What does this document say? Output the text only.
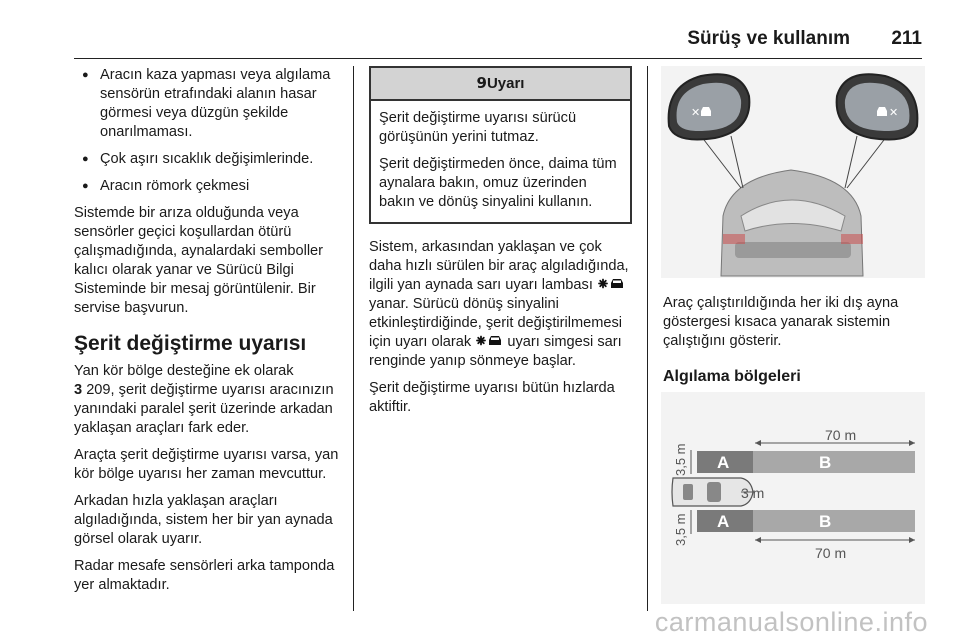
Sürüş ve kullanım 211
● Aracın kaza yapması veya algılama sensörün etrafındaki alanın hasar görmesi veya düzgün şekilde onarılmaması.
● Çok aşırı sıcaklık değişimlerinde.
● Aracın römork çekmesi

Sistemde bir arıza olduğunda veya sensörler geçici koşullardan ötürü çalışmadığında, aynalardaki semboller kalıcı olarak yanar ve Sürücü Bilgi Sisteminde bir mesaj görüntülenir. Bir servise başvurun.

Şerit değiştirme uyarısı

Yan kör bölge desteğine ek olarak
3 209, şerit değiştirme uyarısı aracınızın yanındaki paralel şerit üzerinde arkadan yaklaşan araçları fark eder.

Araçta şerit değiştirme uyarısı varsa, yan kör bölge uyarısı her zaman mevcuttur.

Arkadan hızla yaklaşan araçları algıladığında, sistem her bir yan aynada görsel olarak uyarır.

Radar mesafe sensörleri arka tamponda yer almaktadır.

9Uyarı

Şerit değiştirme uyarısı sürücü görüşünün yerini tutmaz.

Şerit değiştirmeden önce, daima tüm aynalara bakın, omuz üzerinden bakın ve dönüş sinyalini kullanın.

Sistem, arkasından yaklaşan ve çok daha hızlı sürülen bir araç algıladığında, ilgili yan aynada sarı uyarı lambası  yanar. Sürücü dönüş sinyalini etkinleştirdiğinde, şerit değiştirilmemesi için uyarı olarak uyarı simgesi sarı renginde yanıp sönmeye başlar.

Şerit değiştirme uyarısı bütün hızlarda aktiftir.

✕	✕

Araç çalıştırıldığında her iki dış ayna göstergesi kısaca yanarak sistemin çalıştığını gösterir.

Algılama bölgeleri
70 m
3,5 m
3,5 m
A	B
3 m
A	B
70 m
carmanualsonline.info
